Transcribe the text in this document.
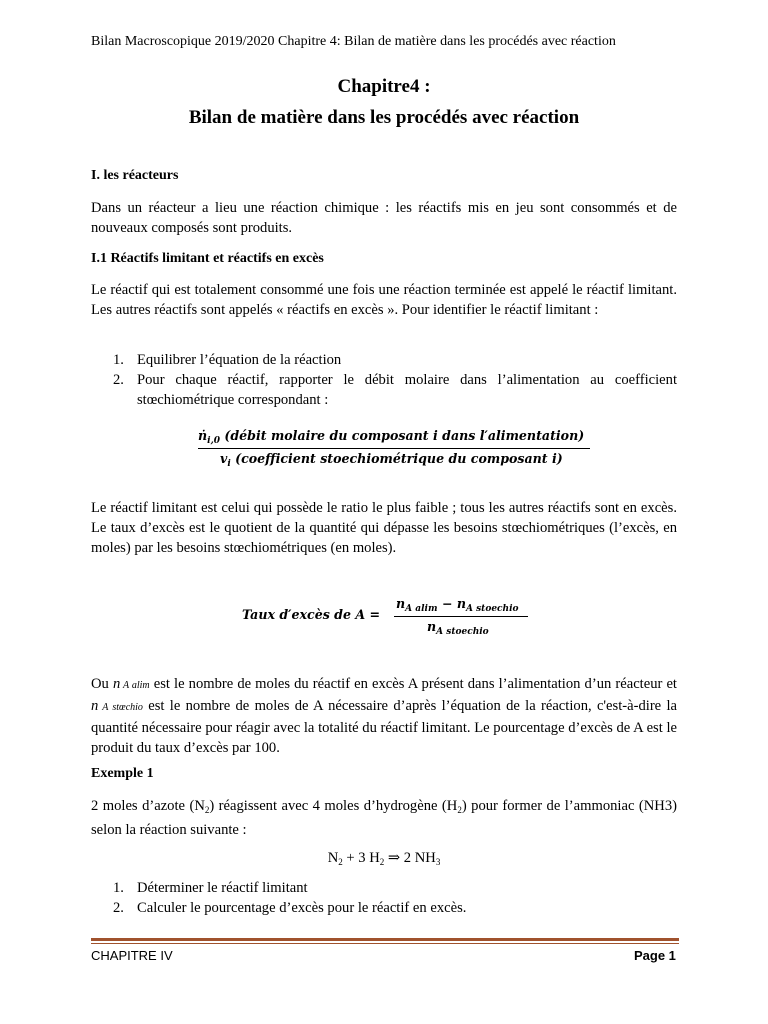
Bilan Macroscopique 2019/2020 Chapitre 4: Bilan de matière dans les procédés avec réaction
Chapitre4 :
Bilan de matière dans les procédés avec réaction
I. les réacteurs
Dans un réacteur a lieu une réaction chimique : les réactifs mis en jeu sont consommés et de nouveaux composés sont produits.
I.1 Réactifs limitant et réactifs en excès
Le réactif qui est totalement consommé une fois une réaction terminée est appelé le réactif limitant. Les autres réactifs sont appelés « réactifs en excès ». Pour identifier le réactif limitant :
1. Equilibrer l’équation de la réaction
2. Pour chaque réactif, rapporter le débit molaire dans l’alimentation au coefficient stœchiométrique correspondant :
ṅ$_{i,0}$ (débit molaire du composant i dans l′alimentation)
$v_i$ (coefficient stoechiométrique du composant i)
Le réactif limitant est celui qui possède le ratio le plus faible ; tous les autres réactifs sont en excès. Le taux d’excès est le quotient de la quantité qui dépasse les besoins stœchiométriques (l’excès, en moles) par les besoins stœchiométriques (en moles).
Taux d′excès de A =
$n_{A alim} - n_{A stoechio}$
$n_{A stoechio}$
Ou n A alim est le nombre de moles du réactif en excès A présent dans l’alimentation d’un réacteur et n A stœchio est le nombre de moles de A nécessaire d’après l’équation de la réaction, c'est-à-dire la quantité nécessaire pour réagir avec la totalité du réactif limitant. Le pourcentage d’excès de A est le produit du taux d’excès par 100.
Exemple 1
2 moles d’azote $(N_2)$ réagissent avec 4 moles d’hydrogène $(H_2)$ pour former de l’ammoniac (NH3) selon la réaction suivante :
$N_2 + 3$ $H_2$ ⇒ 2 $NH_3$
1. Déterminer le réactif limitant
2. Calculer le pourcentage d’excès pour le réactif en excès.
CHAPITRE IV	Page 1
